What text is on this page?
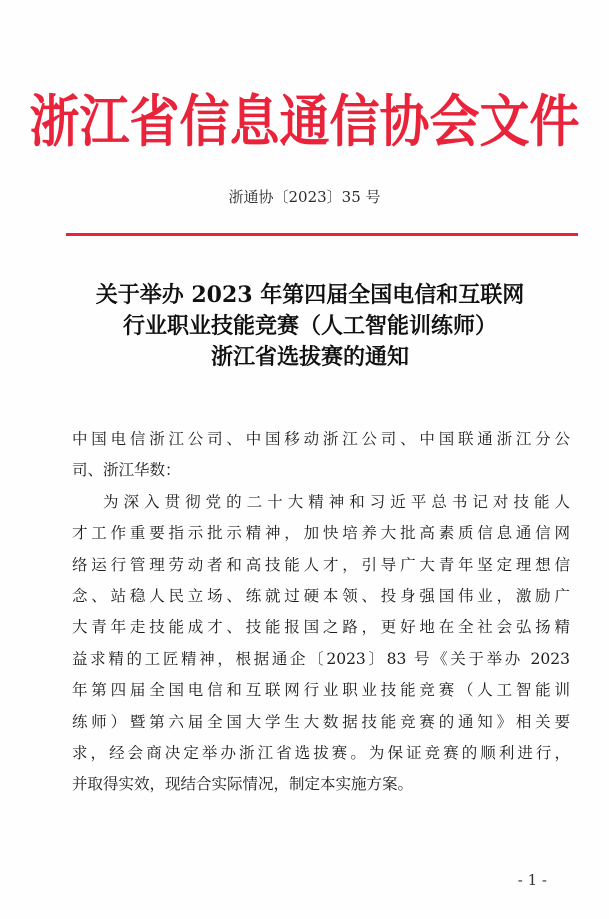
浙江省信息通信协会文件
浙通协〔2023〕35 号
关于举办 2023 年第四届全国电信和互联网
行业职业技能竞赛（人工智能训练师）
浙江省选拔赛的通知
中国电信浙江公司、中国移动浙江公司、中国联通浙江分公
司、浙江华数：
为深入贯彻党的二十大精神和习近平总书记对技能人
才工作重要指示批示精神，加快培养大批高素质信息通信网
络运行管理劳动者和高技能人才，引导广大青年坚定理想信
念、站稳人民立场、练就过硬本领、投身强国伟业，激励广
大青年走技能成才、技能报国之路，更好地在全社会弘扬精
益求精的工匠精神，根据通企〔2023〕83 号《关于举办 2023
年第四届全国电信和互联网行业职业技能竞赛（人工智能训
练师）暨第六届全国大学生大数据技能竞赛的通知》相关要
求，经会商决定举办浙江省选拔赛。为保证竞赛的顺利进行，
并取得实效，现结合实际情况，制定本实施方案。
- 1 -
